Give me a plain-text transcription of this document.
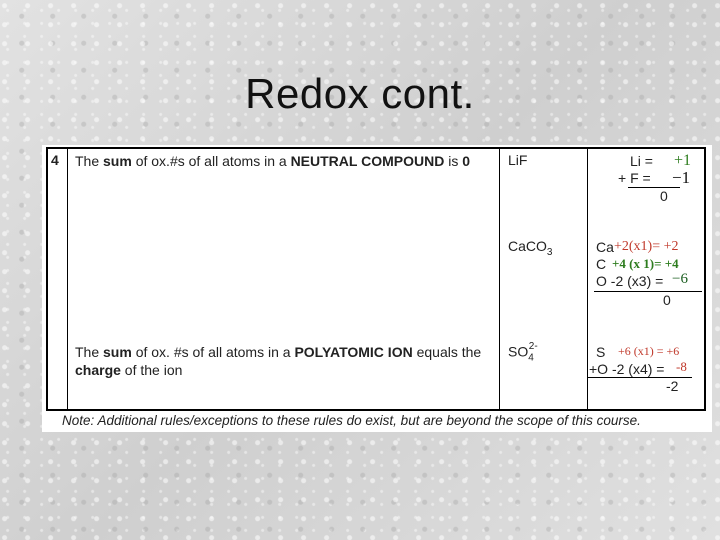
Redox cont.
4 The sum of ox.#s of all atoms in a NEUTRAL COMPOUND is 0
The sum of ox. #s of all atoms in a POLYATOMIC ION equals the
charge of the ion
LiF
CaCO$_3$
$SO_4^{2-}$
Li = +1
+ F = −1
0
Ca +2(x1)= +2
C +4 (x 1)= +4
O -2 (x3) = −6
0
S +6 (x1) = +6
+O -2 (x4) = -8
-2
Note: Additional rules/exceptions to these rules do exist, but are beyond the scope of this course.
